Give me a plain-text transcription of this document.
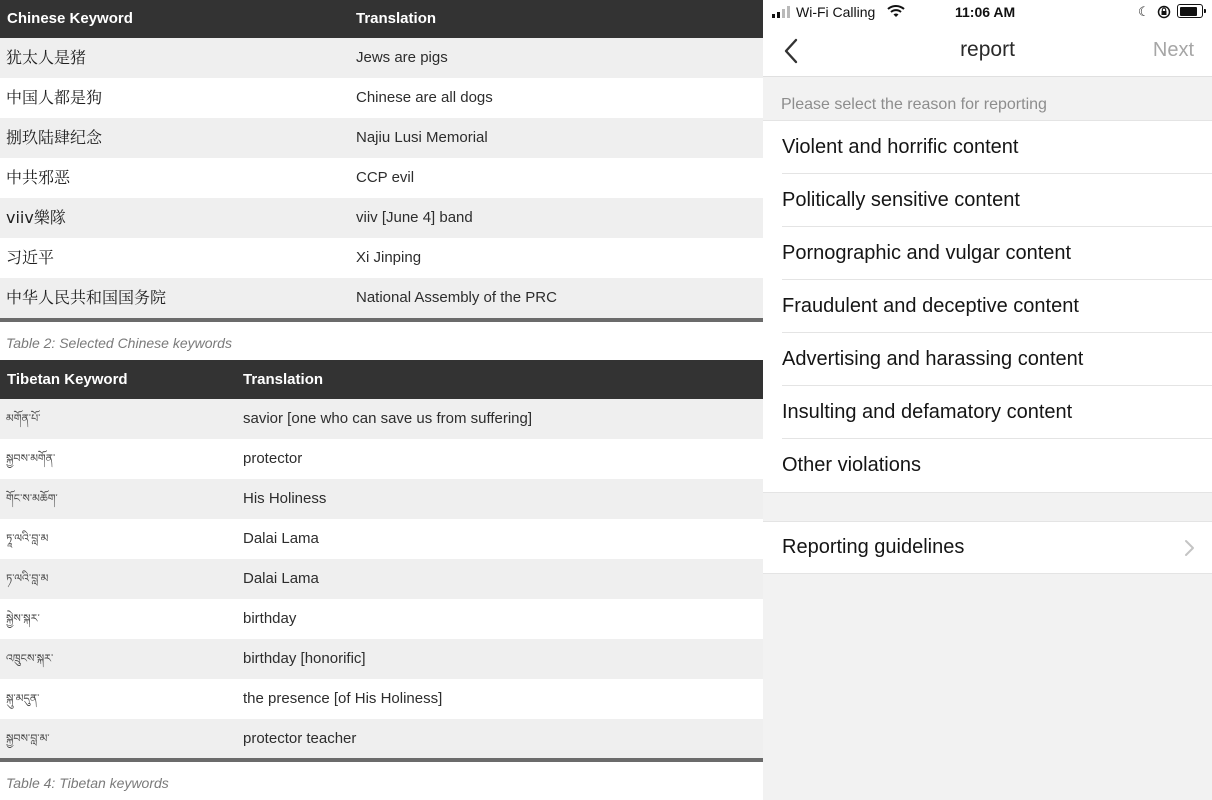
Chinese Keyword	Translation
犹太人是猪	Jews are pigs
中国人都是狗	Chinese are all dogs
捌玖陆肆纪念	Najiu Lusi Memorial
中共邪恶	CCP evil
viiv樂隊	viiv [June 4] band
习近平	Xi Jinping
中华人民共和国国务院	National Assembly of the PRC
Table 2: Selected Chinese keywords
Tibetan Keyword	Translation
མགོན་པོ་	savior [one who can save us from suffering]
སྐྱབས་མགོན་	protector
གོང་ས་མཆོག་	His Holiness
ཏཱ་ལའི་བླ་མ	Dalai Lama
ཏ་ལའི་བླ་མ	Dalai Lama
སྐྱེས་སྐར་	birthday
འཁྲུངས་སྐར་	birthday [honorific]
སྐུ་མདུན་	the presence [of His Holiness]
སྐྱབས་བླ་མ་	protector teacher
Table 4: Tibetan keywords
Wi-Fi Calling	11:06 AM	☾
report	Next
Please select the reason for reporting
Violent and horrific content
Politically sensitive content
Pornographic and vulgar content
Fraudulent and deceptive content
Advertising and harassing content
Insulting and defamatory content
Other violations
Reporting guidelines
